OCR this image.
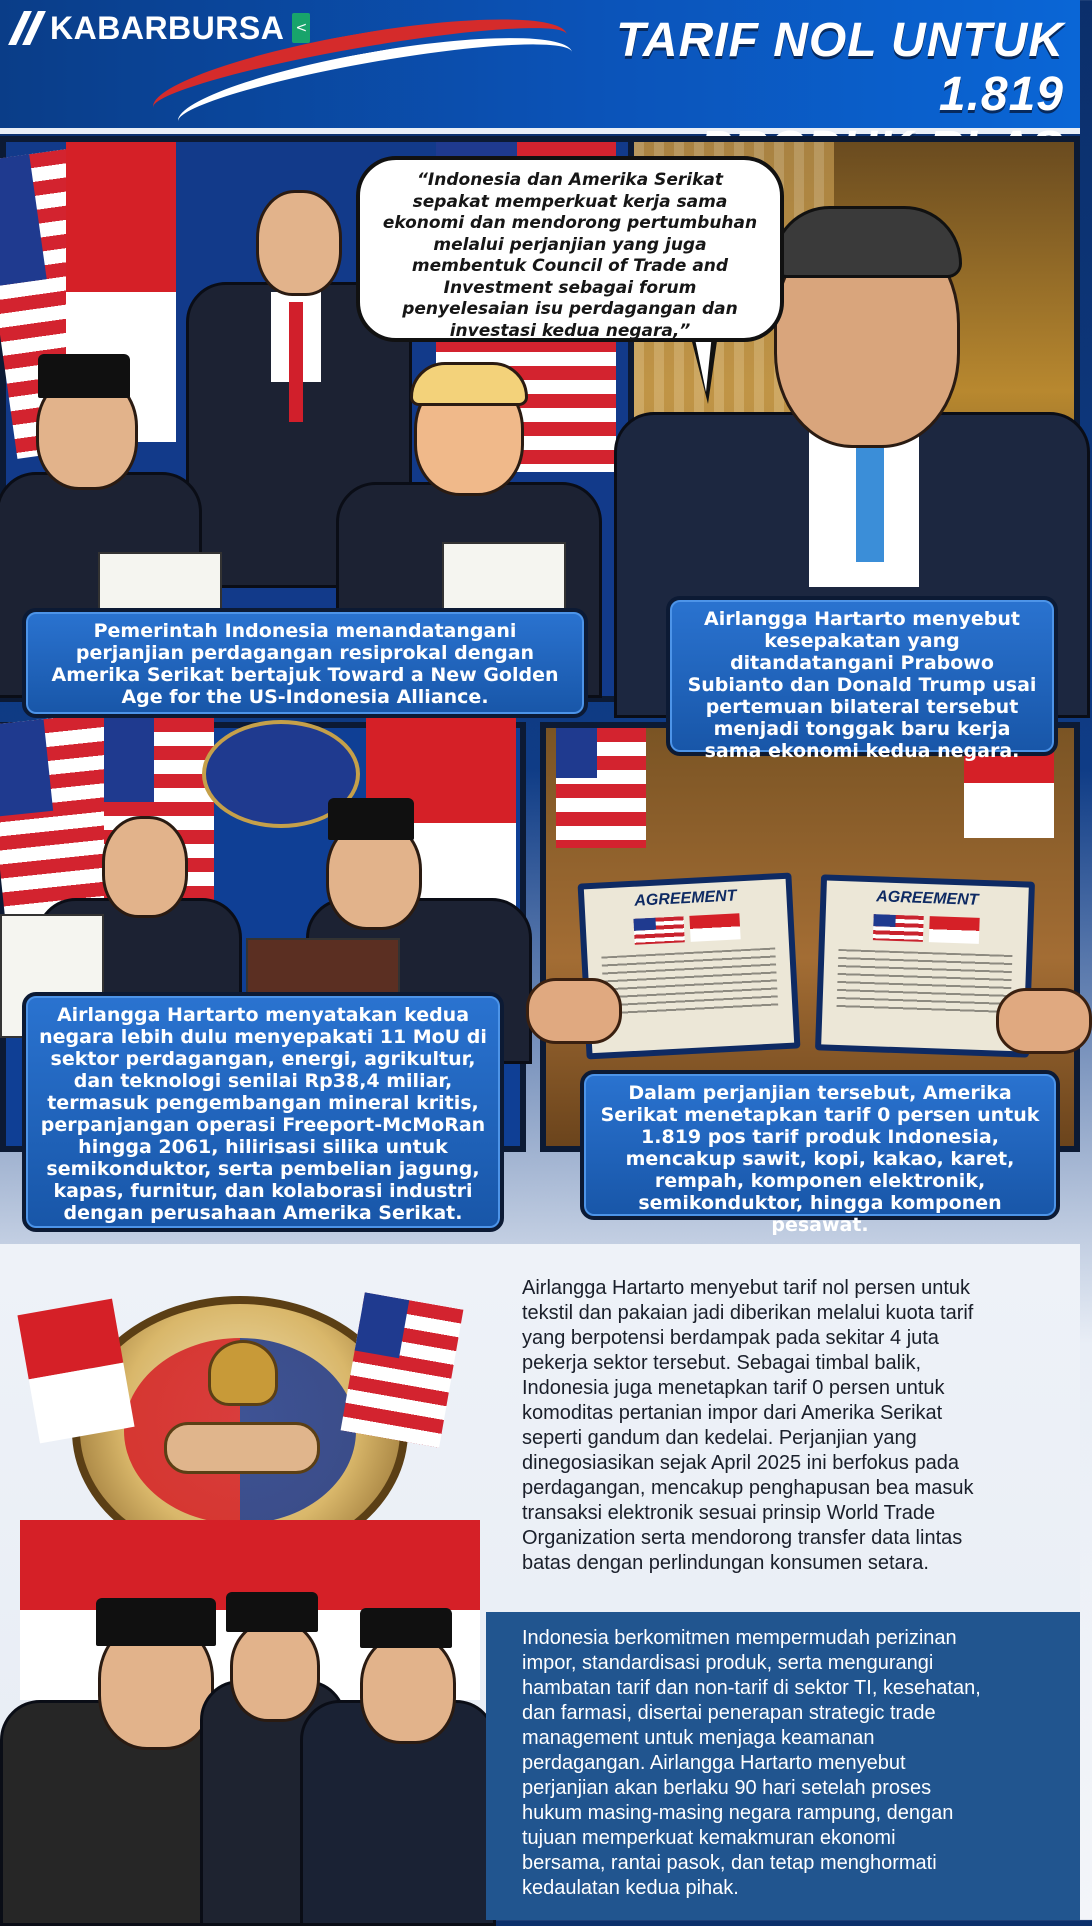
KABARBURSA <	TARIF NOL UNTUK 1.819
“Indonesia dan Amerika Serikat sepakat memperkuat kerja sama ekonomi dan mendorong pertumbuhan melalui perjanjian yang juga membentuk Council of Trade and Investment sebagai forum penyelesaian isu perdagangan dan investasi kedua negara,”
AGREEMENT	AGREEMENT
Pemerintah Indonesia menandatangani perjanjian perdagangan resiprokal dengan Amerika Serikat bertajuk Toward a New Golden Age for the US-Indonesia Alliance.
Airlangga Hartarto menyebut kesepakatan yang ditandatangani Prabowo Subianto dan Donald Trump usai pertemuan bilateral tersebut menjadi tonggak baru kerja sama ekonomi kedua negara.
Airlangga Hartarto menyatakan kedua negara lebih dulu menyepakati 11 MoU di sektor perdagangan, energi, agrikultur, dan teknologi senilai Rp38,4 miliar, termasuk pengembangan mineral kritis, perpanjangan operasi Freeport-McMoRan hingga 2061, hilirisasi silika untuk semikonduktor, serta pembelian jagung, kapas, furnitur, dan kolaborasi industri dengan perusahaan Amerika Serikat.
Dalam perjanjian tersebut, Amerika Serikat menetapkan tarif 0 persen untuk 1.819 pos tarif produk Indonesia, mencakup sawit, kopi, kakao, karet, rempah, komponen elektronik, semikonduktor, hingga komponen pesawat.
Airlangga Hartarto menyebut tarif nol persen untuk
tekstil dan pakaian jadi diberikan melalui kuota tarif
yang berpotensi berdampak pada sekitar 4 juta
pekerja sektor tersebut. Sebagai timbal balik,
Indonesia juga menetapkan tarif 0 persen untuk
komoditas pertanian impor dari Amerika Serikat
seperti gandum dan kedelai. Perjanjian yang
dinegosiasikan sejak April 2025 ini berfokus pada
perdagangan, mencakup penghapusan bea masuk
transaksi elektronik sesuai prinsip World Trade
Organization serta mendorong transfer data lintas
batas dengan perlindungan konsumen setara.
Indonesia berkomitmen mempermudah perizinan
impor, standardisasi produk, serta mengurangi
hambatan tarif dan non-tarif di sektor TI, kesehatan,
dan farmasi, disertai penerapan strategic trade
management untuk menjaga keamanan
perdagangan. Airlangga Hartarto menyebut
perjanjian akan berlaku 90 hari setelah proses
hukum masing-masing negara rampung, dengan
tujuan memperkuat kemakmuran ekonomi
bersama, rantai pasok, dan tetap menghormati
kedaulatan kedua pihak.
